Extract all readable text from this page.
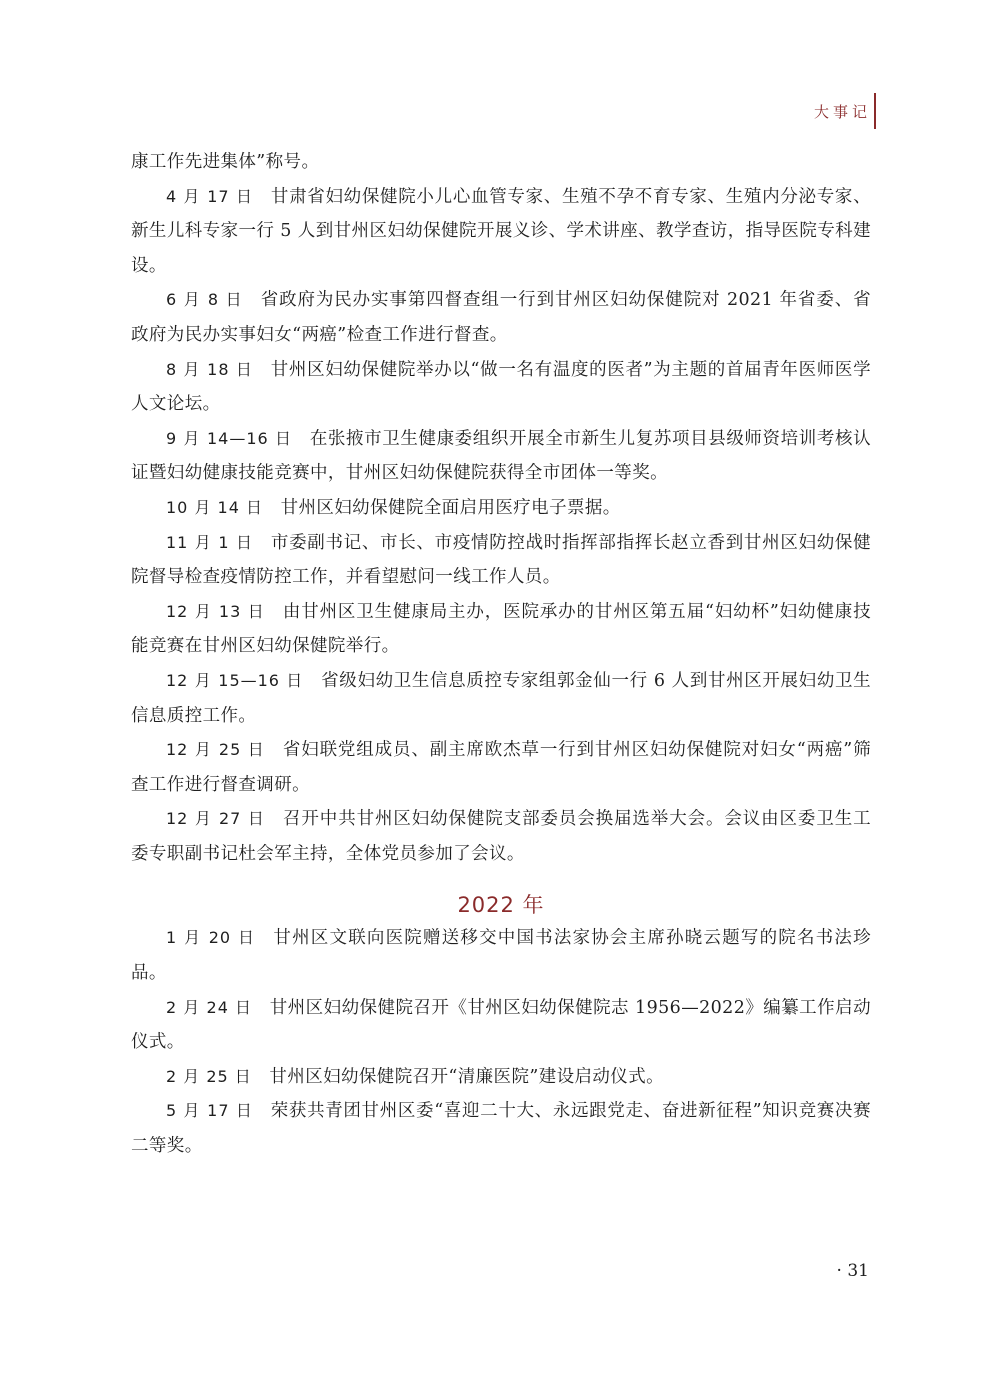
大事记

康工作先进集体”称号。

4 月 17 日 甘肃省妇幼保健院小儿心血管专家、生殖不孕不育专家、生殖内分泌专家、新生儿科专家一行 5 人到甘州区妇幼保健院开展义诊、学术讲座、教学查访，指导医院专科建设。

6 月 8 日 省政府为民办实事第四督查组一行到甘州区妇幼保健院对 2021 年省委、省政府为民办实事妇女“两癌”检查工作进行督查。

8 月 18 日 甘州区妇幼保健院举办以“做一名有温度的医者”为主题的首届青年医师医学人文论坛。

9 月 14—16 日 在张掖市卫生健康委组织开展全市新生儿复苏项目县级师资培训考核认证暨妇幼健康技能竞赛中，甘州区妇幼保健院获得全市团体一等奖。

10 月 14 日 甘州区妇幼保健院全面启用医疗电子票据。

11 月 1 日 市委副书记、市长、市疫情防控战时指挥部指挥长赵立香到甘州区妇幼保健院督导检查疫情防控工作，并看望慰问一线工作人员。

12 月 13 日 由甘州区卫生健康局主办，医院承办的甘州区第五届“妇幼杯”妇幼健康技能竞赛在甘州区妇幼保健院举行。

12 月 15—16 日 省级妇幼卫生信息质控专家组郭金仙一行 6 人到甘州区开展妇幼卫生信息质控工作。

12 月 25 日 省妇联党组成员、副主席欧杰草一行到甘州区妇幼保健院对妇女“两癌”筛查工作进行督查调研。

12 月 27 日 召开中共甘州区妇幼保健院支部委员会换届选举大会。会议由区委卫生工委专职副书记杜会军主持，全体党员参加了会议。

2022 年

1 月 20 日 甘州区文联向医院赠送移交中国书法家协会主席孙晓云题写的院名书法珍品。

2 月 24 日 甘州区妇幼保健院召开《甘州区妇幼保健院志 1956—2022》编纂工作启动仪式。

2 月 25 日 甘州区妇幼保健院召开“清廉医院”建设启动仪式。

5 月 17 日 荣获共青团甘州区委“喜迎二十大、永远跟党走、奋进新征程”知识竞赛决赛二等奖。

· 31
